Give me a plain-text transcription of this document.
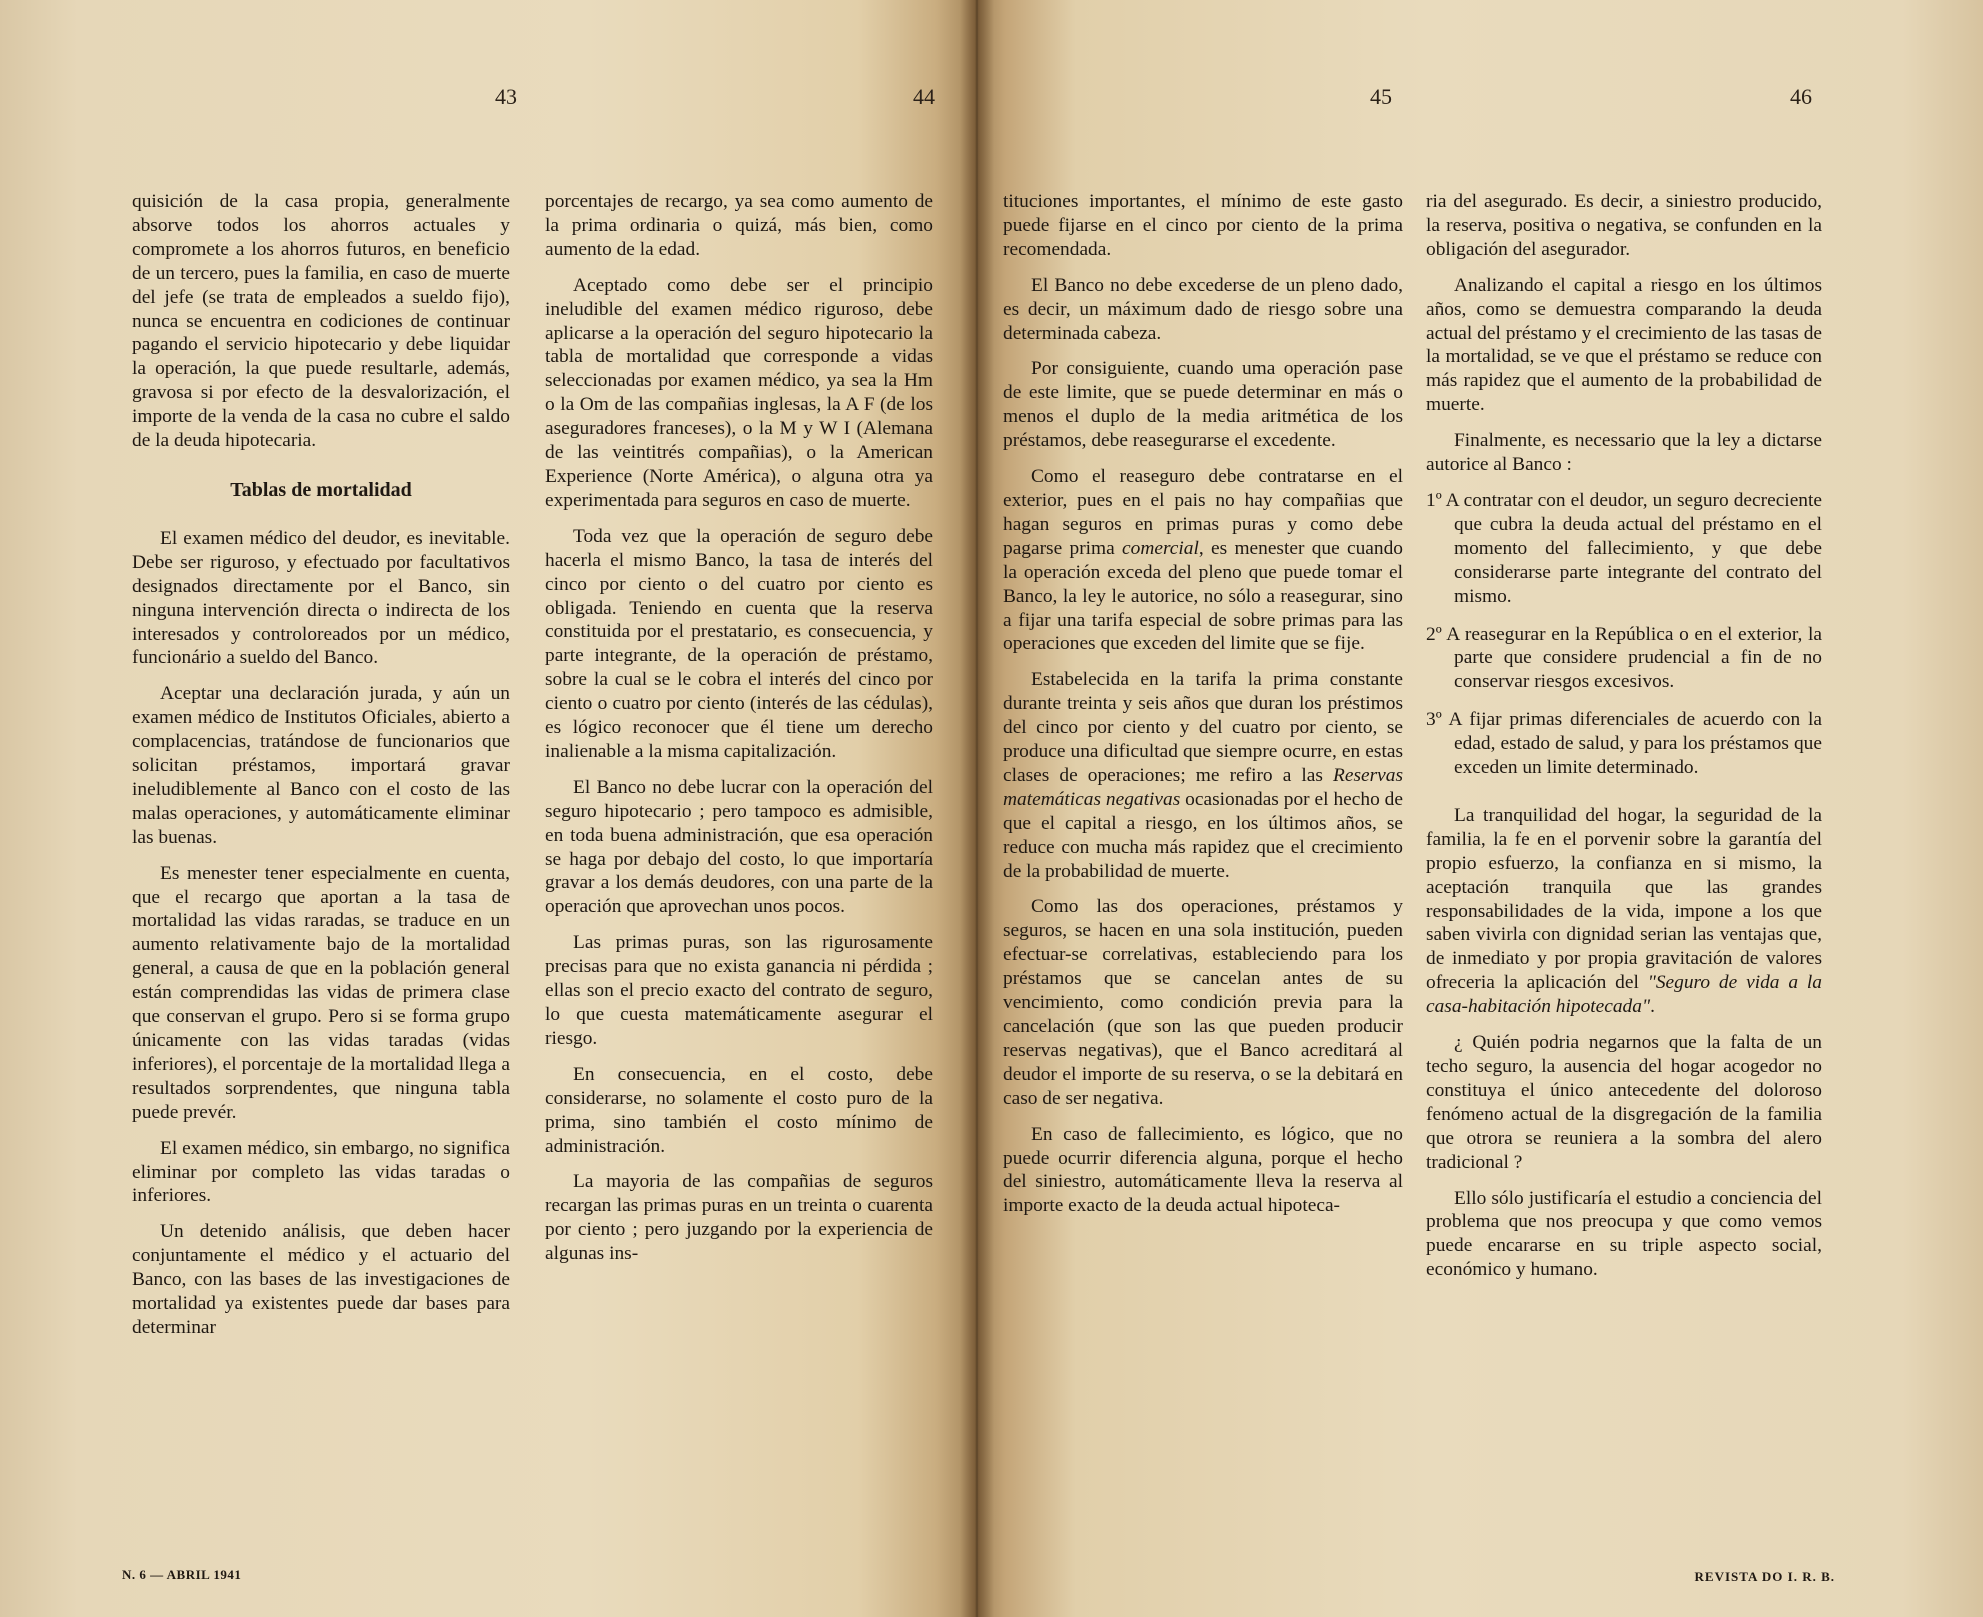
43	44	45	46

quisición de la casa propia, generalmente absorve todos los ahorros actuales y compromete a los ahorros futuros, en beneficio de un tercero, pues la familia, en caso de muerte del jefe (se trata de empleados a sueldo fijo), nunca se encuentra en codiciones de continuar pagando el servicio hipotecario y debe liquidar la operación, la que puede resultarle, además, gravosa si por efecto de la desvalorización, el importe de la venda de la casa no cubre el saldo de la deuda hipotecaria.

Tablas de mortalidad

El examen médico del deudor, es inevitable. Debe ser riguroso, y efectuado por facultativos designados directamente por el Banco, sin ninguna intervención directa o indirecta de los interesados y controloreados por un médico, funcionário a sueldo del Banco.

Aceptar una declaración jurada, y aún un examen médico de Institutos Oficiales, abierto a complacencias, tratándose de funcionarios que solicitan préstamos, importará gravar ineludiblemente al Banco con el costo de las malas operaciones, y automáticamente eliminar las buenas.

Es menester tener especialmente en cuenta, que el recargo que aportan a la tasa de mortalidad las vidas raradas, se traduce en un aumento relativamente bajo de la mortalidad general, a causa de que en la población general están comprendidas las vidas de primera clase que conservan el grupo. Pero si se forma grupo únicamente con las vidas taradas (vidas inferiores), el porcentaje de la mortalidad llega a resultados sorprendentes, que ninguna tabla puede prevér.

El examen médico, sin embargo, no significa eliminar por completo las vidas taradas o inferiores.

Un detenido análisis, que deben hacer conjuntamente el médico y el actuario del Banco, con las bases de las investigaciones de mortalidad ya existentes puede dar bases para determinar

porcentajes de recargo, ya sea como aumento de la prima ordinaria o quizá, más bien, como aumento de la edad.

Aceptado como debe ser el principio ineludible del examen médico riguroso, debe aplicarse a la operación del seguro hipotecario la tabla de mortalidad que corresponde a vidas seleccionadas por examen médico, ya sea la Hm o la Om de las compañias inglesas, la A F (de los aseguradores franceses), o la M y W I (Alemana de las veintitrés compañias), o la American Experience (Norte América), o alguna otra ya experimentada para seguros en caso de muerte.

Toda vez que la operación de seguro debe hacerla el mismo Banco, la tasa de interés del cinco por ciento o del cuatro por ciento es obligada. Teniendo en cuenta que la reserva constituida por el prestatario, es consecuencia, y parte integrante, de la operación de préstamo, sobre la cual se le cobra el interés del cinco por ciento o cuatro por ciento (interés de las cédulas), es lógico reconocer que él tiene um derecho inalienable a la misma capitalización.

El Banco no debe lucrar con la operación del seguro hipotecario ; pero tampoco es admisible, en toda buena administración, que esa operación se haga por debajo del costo, lo que importaría gravar a los demás deudores, con una parte de la operación que aprovechan unos pocos.

Las primas puras, son las rigurosamente precisas para que no exista ganancia ni pérdida ; ellas son el precio exacto del contrato de seguro, lo que cuesta matemáticamente asegurar el riesgo.

En consecuencia, en el costo, debe considerarse, no solamente el costo puro de la prima, sino también el costo mínimo de administración.

La mayoria de las compañias de seguros recargan las primas puras en un treinta o cuarenta por ciento ; pero juzgando por la experiencia de algunas ins-

tituciones importantes, el mínimo de este gasto puede fijarse en el cinco por ciento de la prima recomendada.

El Banco no debe excederse de un pleno dado, es decir, un máximum dado de riesgo sobre una determinada cabeza.

Por consiguiente, cuando uma operación pase de este limite, que se puede determinar en más o menos el duplo de la media aritmética de los préstamos, debe reasegurarse el excedente.

Como el reaseguro debe contratarse en el exterior, pues en el pais no hay compañias que hagan seguros en primas puras y como debe pagarse prima comercial, es menester que cuando la operación exceda del pleno que puede tomar el Banco, la ley le autorice, no sólo a reasegurar, sino a fijar una tarifa especial de sobre primas para las operaciones que exceden del limite que se fije.

Estabelecida en la tarifa la prima constante durante treinta y seis años que duran los préstimos del cinco por ciento y del cuatro por ciento, se produce una dificultad que siempre ocurre, en estas clases de operaciones; me refiro a las Reservas matemáticas negativas ocasionadas por el hecho de que el capital a riesgo, en los últimos años, se reduce con mucha más rapidez que el crecimiento de la probabilidad de muerte.

Como las dos operaciones, préstamos y seguros, se hacen en una sola institución, pueden efectuar-se correlativas, estableciendo para los préstamos que se cancelan antes de su vencimiento, como condición previa para la cancelación (que son las que pueden producir reservas negativas), que el Banco acreditará al deudor el importe de su reserva, o se la debitará en caso de ser negativa.

En caso de fallecimiento, es lógico, que no puede ocurrir diferencia alguna, porque el hecho del siniestro, automáticamente lleva la reserva al importe exacto de la deuda actual hipoteca-

ria del asegurado. Es decir, a siniestro producido, la reserva, positiva o negativa, se confunden en la obligación del asegurador.

Analizando el capital a riesgo en los últimos años, como se demuestra comparando la deuda actual del préstamo y el crecimiento de las tasas de la mortalidad, se ve que el préstamo se reduce con más rapidez que el aumento de la probabilidad de muerte.

Finalmente, es necessario que la ley a dictarse autorice al Banco :

1º A contratar con el deudor, un seguro decreciente que cubra la deuda actual del préstamo en el momento del fallecimiento, y que debe considerarse parte integrante del contrato del mismo.
2º A reasegurar en la República o en el exterior, la parte que considere prudencial a fin de no conservar riesgos excesivos.
3º A fijar primas diferenciales de acuerdo con la edad, estado de salud, y para los préstamos que exceden un limite determinado.

La tranquilidad del hogar, la seguridad de la familia, la fe en el porvenir sobre la garantía del propio esfuerzo, la confianza en si mismo, la aceptación tranquila que las grandes responsabilidades de la vida, impone a los que saben vivirla con dignidad serian las ventajas que, de inmediato y por propia gravitación de valores ofreceria la aplicación del "Seguro de vida a la casa-habitación hipotecada".

¿ Quién podria negarnos que la falta de un techo seguro, la ausencia del hogar acogedor no constituya el único antecedente del doloroso fenómeno actual de la disgregación de la familia que otrora se reuniera a la sombra del alero tradicional ?

Ello sólo justificaría el estudio a conciencia del problema que nos preocupa y que como vemos puede encararse en su triple aspecto social, económico y humano.

N. 6 — ABRIL 1941	REVISTA DO I. R. B.
